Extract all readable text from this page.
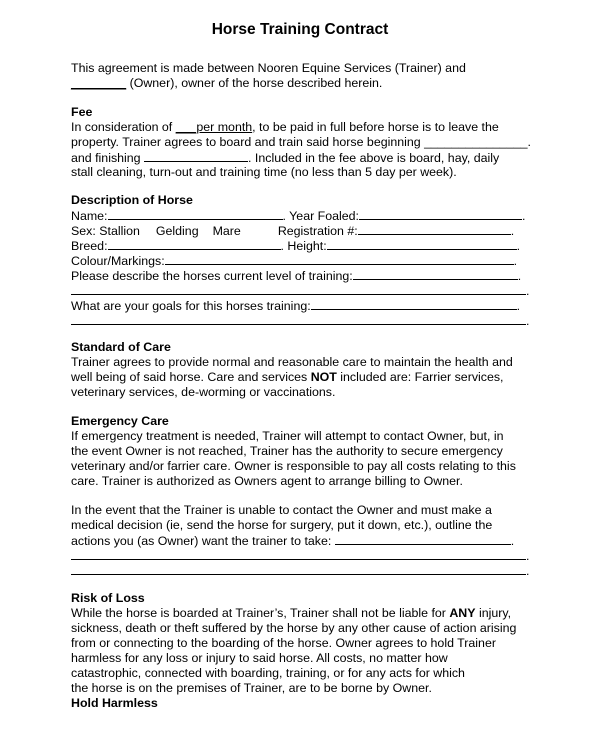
Horse Training Contract
This agreement is made between Nooren Equine Services (Trainer) and
________ (Owner), owner of the horse described herein.
Fee
In consideration of ___per month, to be paid in full before horse is to leave the
property. Trainer agrees to board and train said horse beginning _______________.
and finishing	. Included in the fee above is board, hay, daily
stall cleaning, turn-out and training time (no less than 5 day per week).
Description of Horse
Name:	. Year Foaled:	.
Sex: Stallion Gelding Mare	Registration #:	.
Breed:	. Height:	.
Colour/Markings:	.
Please describe the horses current level of training:	.
.
What are your goals for this horses training:	.
.
Standard of Care
Trainer agrees to provide normal and reasonable care to maintain the health and
well being of said horse. Care and services NOT included are: Farrier services,
veterinary services, de-worming or vaccinations.
Emergency Care
If emergency treatment is needed, Trainer will attempt to contact Owner, but, in
the event Owner is not reached, Trainer has the authority to secure emergency
veterinary and/or farrier care. Owner is responsible to pay all costs relating to this
care. Trainer is authorized as Owners agent to arrange billing to Owner.
In the event that the Trainer is unable to contact the Owner and must make a
medical decision (ie, send the horse for surgery, put it down, etc.), outline the
actions you (as Owner) want the trainer to take:	.
.
.
Risk of Loss
While the horse is boarded at Trainer’s, Trainer shall not be liable for ANY injury,
sickness, death or theft suffered by the horse by any other cause of action arising
from or connecting to the boarding of the horse. Owner agrees to hold Trainer
harmless for any loss or injury to said horse. All costs, no matter how
catastrophic, connected with boarding, training, or for any acts for which
the horse is on the premises of Trainer, are to be borne by Owner.
Hold Harmless
